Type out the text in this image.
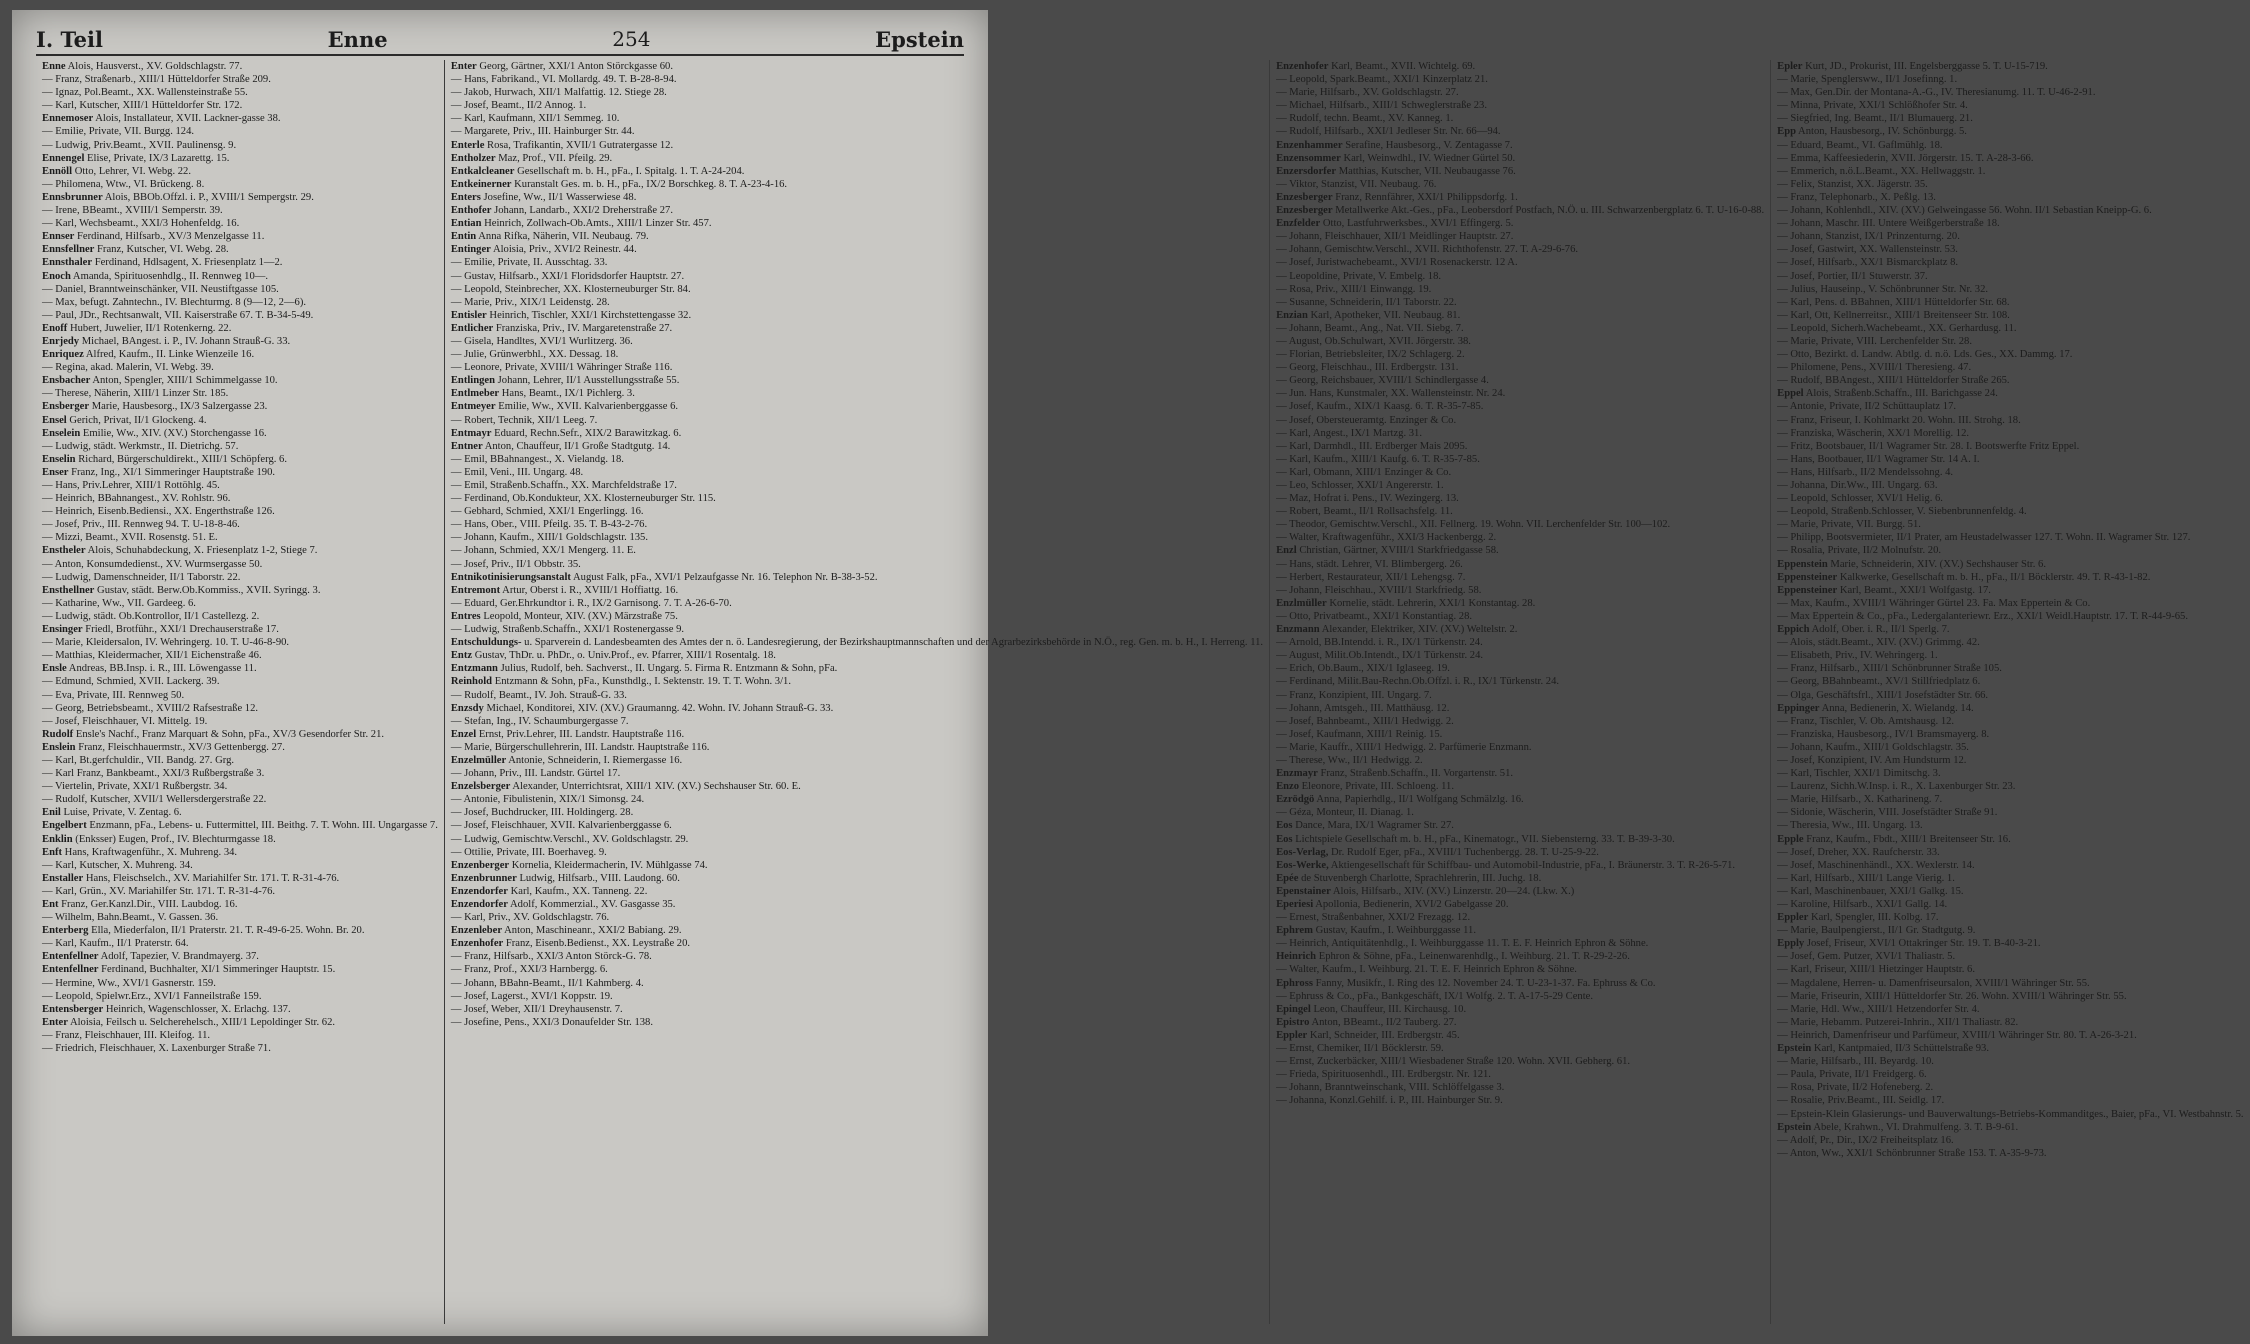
I. Teil	Enne	254	Epstein

Enne Alois, Hausverst., XV. Goldschlagstr. 77.

— Franz, Straßenarb., XIII/1 Hütteldorfer Straße 209.

— Ignaz, Pol.Beamt., XX. Wallensteinstraße 55.

— Karl, Kutscher, XIII/1 Hütteldorfer Str. 172.

Ennemoser Alois, Installateur, XVII. Lackner-gasse 38.

— Emilie, Private, VII. Burgg. 124.

— Ludwig, Priv.Beamt., XVII. Paulinensg. 9.

Ennengel Elise, Private, IX/3 Lazarettg. 15.

Ennöll Otto, Lehrer, VI. Webg. 22.

— Philomena, Wtw., VI. Brückeng. 8.

Ennsbrunner Alois, BBOb.Offzl. i. P., XVIII/1 Sempergstr. 29.

— Irene, BBeamt., XVIII/1 Semperstr. 39.

— Karl, Wechsbeamt., XXI/3 Hohenfeldg. 16.

Ennser Ferdinand, Hilfsarb., XV/3 Menzelgasse 11.

Ennsfellner Franz, Kutscher, VI. Webg. 28.

Ennsthaler Ferdinand, Hdlsagent, X. Friesenplatz 1—2.

Enoch Amanda, Spirituosenhdlg., II. Rennweg 10—.

— Daniel, Branntweinschänker, VII. Neustiftgasse 105.

— Max, befugt. Zahntechn., IV. Blechturmg. 8 (9—12, 2—6).

— Paul, JDr., Rechtsanwalt, VII. Kaiserstraße 67. T. B-34-5-49.

Enoff Hubert, Juwelier, II/1 Rotenkerng. 22.

Enrjedy Michael, BAngest. i. P., IV. Johann Strauß-G. 33.

Enriquez Alfred, Kaufm., II. Linke Wienzeile 16.

— Regina, akad. Malerin, VI. Webg. 39.

Ensbacher Anton, Spengler, XIII/1 Schimmelgasse 10.

— Therese, Näherin, XIII/1 Linzer Str. 185.

Ensberger Marie, Hausbesorg., IX/3 Salzergasse 23.

Ensel Gerich, Privat, II/1 Glockeng. 4.

Enselein Emilie, Ww., XIV. (XV.) Storchengasse 16.

— Ludwig, städt. Werkmstr., II. Dietrichg. 57.

Enselin Richard, Bürgerschuldirekt., XIII/1 Schöpferg. 6.

Enser Franz, Ing., XI/1 Simmeringer Hauptstraße 190.

— Hans, Priv.Lehrer, XIII/1 Rottöhlg. 45.

— Heinrich, BBahnangest., XV. Rohlstr. 96.

— Heinrich, Eisenb.Bediensi., XX. Engerthstraße 126.

— Josef, Priv., III. Rennweg 94. T. U-18-8-46.

— Mizzi, Beamt., XVII. Rosenstg. 51. E.

Enstheler Alois, Schuhabdeckung, X. Friesenplatz 1-2, Stiege 7.

— Anton, Konsumdedienst., XV. Wurmsergasse 50.

— Ludwig, Damenschneider, II/1 Taborstr. 22.

Ensthellner Gustav, städt. Berw.Ob.Kommiss., XVII. Syringg. 3.

— Katharine, Ww., VII. Gardeeg. 6.

— Ludwig, städt. Ob.Kontrollor, II/1 Castellezg. 2.

Ensinger Friedl, Brotführ., XXI/1 Drechauserstraße 17.

— Marie, Kleidersalon, IV. Wehringerg. 10. T. U-46-8-90.

— Matthias, Kleidermacher, XII/1 Eichenstraße 46.

Ensle Andreas, BB.Insp. i. R., III. Löwengasse 11.

— Edmund, Schmied, XVII. Lackerg. 39.

— Eva, Private, III. Rennweg 50.

— Georg, Betriebsbeamt., XVIII/2 Rafsestraße 12.

— Josef, Fleischhauer, VI. Mittelg. 19.

Rudolf Ensle's Nachf., Franz Marquart & Sohn, pFa., XV/3 Gesendorfer Str. 21.

Enslein Franz, Fleischhauermstr., XV/3 Gettenbergg. 27.

— Karl, Bt.gerfchuldir., VII. Bandg. 27. Grg.

— Karl Franz, Bankbeamt., XXI/3 Rußbergstraße 3.

— Viertelin, Private, XXI/1 Rußbergstr. 34.

— Rudolf, Kutscher, XVII/1 Wellersdergerstraße 22.

Enil Luise, Private, V. Zentag. 6.

Engelbert Enzmann, pFa., Lebens- u. Futtermittel, III. Beithg. 7. T. Wohn. III. Ungargasse 7.

Enklin (Enksser) Eugen, Prof., IV. Blechturmgasse 18.

Enft Hans, Kraftwagenführ., X. Muhreng. 34.

— Karl, Kutscher, X. Muhreng. 34.

Enstaller Hans, Fleischselch., XV. Mariahilfer Str. 171. T. R-31-4-76.

— Karl, Grün., XV. Mariahilfer Str. 171. T. R-31-4-76.

Ent Franz, Ger.Kanzl.Dir., VIII. Laubdog. 16.

— Wilhelm, Bahn.Beamt., V. Gassen. 36.

Enterberg Ella, Miederfalon, II/1 Praterstr. 21. T. R-49-6-25. Wohn. Br. 20.

— Karl, Kaufm., II/1 Praterstr. 64.

Entenfellner Adolf, Tapezier, V. Brandmayerg. 37.

Entenfellner Ferdinand, Buchhalter, XI/1 Simmeringer Hauptstr. 15.

— Hermine, Ww., XVI/1 Gasnerstr. 159.

— Leopold, Spielwr.Erz., XVI/1 Fanneilstraße 159.

Entensberger Heinrich, Wagenschlosser, X. Erlachg. 137.

Enter Aloisia, Feilsch u. Selcherehelsch., XIII/1 Lepoldinger Str. 62.

— Franz, Fleischhauer, III. Kleifog. 11.

— Friedrich, Fleischhauer, X. Laxenburger Straße 71.

Enter Georg, Gärtner, XXI/1 Anton Störckgasse 60.

— Hans, Fabrikand., VI. Mollardg. 49. T. B-28-8-94.

— Jakob, Hurwach, XII/1 Malfattig. 12. Stiege 28.

— Josef, Beamt., II/2 Annog. 1.

— Karl, Kaufmann, XII/1 Semmeg. 10.

— Margarete, Priv., III. Hainburger Str. 44.

Enterle Rosa, Trafikantin, XVII/1 Gutratergasse 12.

Entholzer Maz, Prof., VII. Pfeilg. 29.

Entkalcleaner Gesellschaft m. b. H., pFa., I. Spitalg. 1. T. A-24-204.

Entkeinerner Kuranstalt Ges. m. b. H., pFa., IX/2 Borschkeg. 8. T. A-23-4-16.

Enters Josefine, Ww., II/1 Wasserwiese 48.

Enthofer Johann, Landarb., XXI/2 Dreherstraße 27.

Entian Heinrich, Zollwach-Ob.Amts., XIII/1 Linzer Str. 457.

Entin Anna Rifka, Näherin, VII. Neubaug. 79.

Entinger Aloisia, Priv., XVI/2 Reinestr. 44.

— Emilie, Private, II. Ausschtag. 33.

— Gustav, Hilfsarb., XXI/1 Floridsdorfer Hauptstr. 27.

— Leopold, Steinbrecher, XX. Klosterneuburger Str. 84.

— Marie, Priv., XIX/1 Leidenstg. 28.

Entisler Heinrich, Tischler, XXI/1 Kirchstettengasse 32.

Entlicher Franziska, Priv., IV. Margaretenstraße 27.

— Gisela, Handltes, XVI/1 Wurlitzerg. 36.

— Julie, Grünwerbhl., XX. Dessag. 18.

— Leonore, Private, XVIII/1 Währinger Straße 116.

Entlingen Johann, Lehrer, II/1 Ausstellungsstraße 55.

Entlmeber Hans, Beamt., IX/1 Pichlerg. 3.

Entmeyer Emilie, Ww., XVII. Kalvarienberggasse 6.

— Robert, Technik, XII/1 Leeg. 7.

Entmayr Eduard, Rechn.Sefr., XIX/2 Barawitzkag. 6.

Entner Anton, Chauffeur, II/1 Große Stadtgutg. 14.

— Emil, BBahnangest., X. Vielandg. 18.

— Emil, Veni., III. Ungarg. 48.

— Emil, Straßenb.Schaffn., XX. Marchfeldstraße 17.

— Ferdinand, Ob.Kondukteur, XX. Klosterneuburger Str. 115.

— Gebhard, Schmied, XXI/1 Engerlingg. 16.

— Hans, Ober., VIII. Pfeilg. 35. T. B-43-2-76.

— Johann, Kaufm., XIII/1 Goldschlagstr. 135.

— Johann, Schmied, XX/1 Mengerg. 11. E.

— Josef, Priv., II/1 Obbstr. 35.

Entnikotinisierungsanstalt August Falk, pFa., XVI/1 Pelzaufgasse Nr. 16. Telephon Nr. B-38-3-52.

Entremont Artur, Oberst i. R., XVIII/1 Hoffiattg. 16.

— Eduard, Ger.Ehrkundtor i. R., IX/2 Garnisong. 7. T. A-26-6-70.

Entres Leopold, Monteur, XIV. (XV.) Märzstraße 75.

— Ludwig, Straßenb.Schaffn., XXI/1 Rostenergasse 9.

Entschuldungs- u. Sparverein d. Landesbeamten des Amtes der n. ö. Landesregierung, der Bezirkshauptmannschaften und der Agrarbezirksbehörde in N.Ö., reg. Gen. m. b. H., I. Herreng. 11.

Entz Gustav, ThDr. u. PhDr., o. Univ.Prof., ev. Pfarrer, XIII/1 Rosentalg. 18.

Entzmann Julius, Rudolf, beh. Sachverst., II. Ungarg. 5. Firma R. Entzmann & Sohn, pFa.

Reinhold Entzmann & Sohn, pFa., Kunsthdlg., I. Sektenstr. 19. T. T. Wohn. 3/1.

— Rudolf, Beamt., IV. Joh. Strauß-G. 33.

Enzsdy Michael, Konditorei, XIV. (XV.) Graumanng. 42. Wohn. IV. Johann Strauß-G. 33.

— Stefan, Ing., IV. Schaumburgergasse 7.

Enzel Ernst, Priv.Lehrer, III. Landstr. Hauptstraße 116.

— Marie, Bürgerschullehrerin, III. Landstr. Hauptstraße 116.

Enzelmüller Antonie, Schneiderin, I. Riemergasse 16.

— Johann, Priv., III. Landstr. Gürtel 17.

Enzelsberger Alexander, Unterrichtsrat, XIII/1 XIV. (XV.) Sechshauser Str. 60. E.

— Antonie, Fibulistenin, XIX/1 Simonsg. 24.

— Josef, Buchdrucker, III. Holdingerg. 28.

— Josef, Fleischhauer, XVII. Kalvarienberggasse 6.

— Ludwig, Gemischtw.Verschl., XV. Goldschlagstr. 29.

— Ottilie, Private, III. Boerhaveg. 9.

Enzenberger Kornelia, Kleidermacherin, IV. Mühlgasse 74.

Enzenbrunner Ludwig, Hilfsarb., VIII. Laudong. 60.

Enzendorfer Karl, Kaufm., XX. Tanneng. 22.

Enzendorfer Adolf, Kommerzial., XV. Gasgasse 35.

— Karl, Priv., XV. Goldschlagstr. 76.

Enzenleber Anton, Maschineanr., XXI/2 Babiang. 29.

Enzenhofer Franz, Eisenb.Bedienst., XX. Leystraße 20.

— Franz, Hilfsarb., XXI/3 Anton Störck-G. 78.

— Franz, Prof., XXI/3 Harnbergg. 6.

— Johann, BBahn-Beamt., II/1 Kahmberg. 4.

— Josef, Lagerst., XVI/1 Koppstr. 19.

— Josef, Weber, XII/1 Dreyhausenstr. 7.

— Josefine, Pens., XXI/3 Donaufelder Str. 138.

Enzenhofer Karl, Beamt., XVII. Wichtelg. 69.

— Leopold, Spark.Beamt., XXI/1 Kinzerplatz 21.

— Marie, Hilfsarb., XV. Goldschlagstr. 27.

— Michael, Hilfsarb., XIII/1 Schweglerstraße 23.

— Rudolf, techn. Beamt., XV. Kanneg. 1.

— Rudolf, Hilfsarb., XXI/1 Jedleser Str. Nr. 66—94.

Enzenhammer Serafine, Hausbesorg., V. Zentagasse 7.

Enzensommer Karl, Weinwdhl., IV. Wiedner Gürtel 50.

Enzersdorfer Matthias, Kutscher, VII. Neubaugasse 76.

— Viktor, Stanzist, VII. Neubaug. 76.

Enzesberger Franz, Rennfährer, XXI/1 Philippsdorfg. 1.

Enzesberger Metallwerke Akt.-Ges., pFa., Leobersdorf Postfach, N.Ö. u. III. Schwarzenbergplatz 6. T. U-16-0-88.

Enzfelder Otto, Lastfuhrwerksbes., XVI/1 Effingerg. 5.

— Johann, Fleischhauer, XII/1 Meidlinger Hauptstr. 27.

— Johann, Gemischtw.Verschl., XVII. Richthofenstr. 27. T. A-29-6-76.

— Josef, Juristwachebeamt., XVI/1 Rosenackerstr. 12 A.

— Leopoldine, Private, V. Embelg. 18.

— Rosa, Priv., XIII/1 Einwangg. 19.

— Susanne, Schneiderin, II/1 Taborstr. 22.

Enzian Karl, Apotheker, VII. Neubaug. 81.

— Johann, Beamt., Ang., Nat. VII. Siebg. 7.

— August, Ob.Schulwart, XVII. Jörgerstr. 38.

— Florian, Betriebsleiter, IX/2 Schlagerg. 2.

— Georg, Fleischhau., III. Erdbergstr. 131.

— Georg, Reichsbauer, XVIII/1 Schindlergasse 4.

— Jun. Hans, Kunstmaler, XX. Wallensteinstr. Nr. 24.

— Josef, Kaufm., XIX/1 Kaasg. 6. T. R-35-7-85.

— Josef, Obersteueramtg. Enzinger & Co.

— Karl, Angest., IX/1 Martzg. 31.

— Karl, Darmhdl., III. Erdberger Mais 2095.

— Karl, Kaufm., XIII/1 Kaufg. 6. T. R-35-7-85.

— Karl, Obmann, XIII/1 Enzinger & Co.

— Leo, Schlosser, XXI/1 Angererstr. 1.

— Maz, Hofrat i. Pens., IV. Wezingerg. 13.

— Robert, Beamt., II/1 Rollsachsfelg. 11.

— Theodor, Gemischtw.Verschl., XII. Fellnerg. 19. Wohn. VII. Lerchenfelder Str. 100—102.

— Walter, Kraftwagenführ., XXI/3 Hackenbergg. 2.

Enzl Christian, Gärtner, XVIII/1 Starkfriedgasse 58.

— Hans, städt. Lehrer, VI. Blimbergerg. 26.

— Herbert, Restaurateur, XII/1 Lehengsg. 7.

— Johann, Fleischhau., XVIII/1 Starkfriedg. 58.

Enzlmüller Kornelie, städt. Lehrerin, XXI/1 Konstantag. 28.

— Otto, Privatbeamt., XXI/1 Konstantiag. 28.

Enzmann Alexander, Elektriker, XIV. (XV.) Weltelstr. 2.

— Arnold, BB.Intendd. i. R., IX/1 Türkenstr. 24.

— August, Milit.Ob.Intendt., IX/1 Türkenstr. 24.

— Erich, Ob.Baum., XIX/1 Iglaseeg. 19.

— Ferdinand, Milit.Bau-Rechn.Ob.Offzl. i. R., IX/1 Türkenstr. 24.

— Franz, Konzipient, III. Ungarg. 7.

— Johann, Amtsgeh., III. Matthäusg. 12.

— Josef, Bahnbeamt., XIII/1 Hedwigg. 2.

— Josef, Kaufmann, XIII/1 Reinig. 15.

— Marie, Kauffr., XIII/1 Hedwigg. 2. Parfümerie Enzmann.

— Therese, Ww., II/1 Hedwigg. 2.

Enzmayr Franz, Straßenb.Schaffn., II. Vorgartenstr. 51.

Enzo Eleonore, Private, III. Schloeng. 11.

Ezrödgö Anna, Papierhdlg., II/1 Wolfgang Schmälzlg. 16.

— Géza, Monteur, II. Dianag. 1.

Eos Dance, Mara, IX/1 Wagramer Str. 27.

Eos Lichtspiele Gesellschaft m. b. H., pFa., Kinematogr., VII. Siebensterng. 33. T. B-39-3-30.

Eos-Verlag, Dr. Rudolf Eger, pFa., XVIII/1 Tuchenbergg. 28. T. U-25-9-22.

Eos-Werke, Aktiengesellschaft für Schiffbau- und Automobil-Industrie, pFa., I. Bräunerstr. 3. T. R-26-5-71.

Epée de Stuvenbergh Charlotte, Sprachlehrerin, III. Juchg. 18.

Epenstainer Alois, Hilfsarb., XIV. (XV.) Linzerstr. 20—24. (Lkw. X.)

Eperiesi Apollonia, Bedienerin, XVI/2 Gabelgasse 20.

— Ernest, Straßenbahner, XXI/2 Frezagg. 12.

Ephrem Gustav, Kaufm., I. Weihburggasse 11.

— Heinrich, Antiquitätenhdlg., I. Weihburggasse 11. T. E. F. Heinrich Ephron & Söhne.

Heinrich Ephron & Söhne, pFa., Leinenwarenhdlg., I. Weihburg. 21. T. R-29-2-26.

— Walter, Kaufm., I. Weihburg. 21. T. E. F. Heinrich Ephron & Söhne.

Ephross Fanny, Musikfr., I. Ring des 12. November 24. T. U-23-1-37. Fa. Ephruss & Co.

— Ephruss & Co., pFa., Bankgeschäft, IX/1 Wolfg. 2. T. A-17-5-29 Cente.

Epingel Leon, Chauffeur, III. Kirchausg. 10.

Epistro Anton, BBeamt., II/2 Tauberg. 27.

Eppler Karl, Schneider, III. Erdbergstr. 45.

— Ernst, Chemiker, II/1 Böcklerstr. 59.

— Ernst, Zuckerbäcker, XIII/1 Wiesbadener Straße 120. Wohn. XVII. Gebherg. 61.

— Frieda, Spirituosenhdl., III. Erdbergstr. Nr. 121.

— Johann, Branntweinschank, VIII. Schlöffelgasse 3.

— Johanna, Konzl.Gehilf. i. P., III. Hainburger Str. 9.

Epler Kurt, JD., Prokurist, III. Engelsberggasse 5. T. U-15-719.

— Marie, Spenglersww., II/1 Josefinng. 1.

— Max, Gen.Dir. der Montana-A.-G., IV. Theresianumg. 11. T. U-46-2-91.

— Minna, Private, XXI/1 Schlößhofer Str. 4.

— Siegfried, Ing. Beamt., II/1 Blumauerg. 21.

Epp Anton, Hausbesorg., IV. Schönburgg. 5.

— Eduard, Beamt., VI. Gaflmühlg. 18.

— Emma, Kaffeesiederin, XVII. Jörgerstr. 15. T. A-28-3-66.

— Emmerich, n.ö.L.Beamt., XX. Hellwaggstr. 1.

— Felix, Stanzist, XX. Jägerstr. 35.

— Franz, Telephonarb., X. Peßlg. 13.

— Johann, Kohlenhdl., XIV. (XV.) Gelweingasse 56. Wohn. II/1 Sebastian Kneipp-G. 6.

— Johann, Maschr. III. Untere Weißgerberstraße 18.

— Johann, Stanzist, IX/1 Prinzenturng. 20.

— Josef, Gastwirt, XX. Wallensteinstr. 53.

— Josef, Hilfsarb., XX/1 Bismarckplatz 8.

— Josef, Portier, II/1 Stuwerstr. 37.

— Julius, Hauseinp., V. Schönbrunner Str. Nr. 32.

— Karl, Pens. d. BBahnen, XIII/1 Hütteldorfer Str. 68.

— Karl, Ott, Kellnerreitsr., XIII/1 Breitenseer Str. 108.

— Leopold, Sicherh.Wachebeamt., XX. Gerhardusg. 11.

— Marie, Private, VIII. Lerchenfelder Str. 28.

— Otto, Bezirkt. d. Landw. Abtlg. d. n.ö. Lds. Ges., XX. Dammg. 17.

— Philomene, Pens., XVIII/1 Theresieng. 47.

— Rudolf, BBAngest., XIII/1 Hütteldorfer Straße 265.

Eppel Alois, Straßenb.Schaffn., III. Barichgasse 24.

— Antonie, Private, II/2 Schüttauplatz 17.

— Franz, Friseur, I. Kohlmarkt 20. Wohn. III. Strohg. 18.

— Franziska, Wäscherin, XX/1 Morellig. 12.

— Fritz, Bootsbauer, II/1 Wagramer Str. 28. I. Bootswerfte Fritz Eppel.

— Hans, Bootbauer, II/1 Wagramer Str. 14 A. I.

— Hans, Hilfsarb., II/2 Mendelssohng. 4.

— Johanna, Dir.Ww., III. Ungarg. 63.

— Leopold, Schlosser, XVI/1 Helig. 6.

— Leopold, Straßenb.Schlosser, V. Siebenbrunnenfeldg. 4.

— Marie, Private, VII. Burgg. 51.

— Philipp, Bootsvermieter, II/1 Prater, am Heustadelwasser 127. T. Wohn. II. Wagramer Str. 127.

— Rosalia, Private, II/2 Molnufstr. 20.

Eppenstein Marie, Schneiderin, XIV. (XV.) Sechshauser Str. 6.

Eppensteiner Kalkwerke, Gesellschaft m. b. H., pFa., II/1 Böcklerstr. 49. T. R-43-1-82.

Eppensteiner Karl, Beamt., XXI/1 Wolfgastg. 17.

— Max, Kaufm., XVIII/1 Währinger Gürtel 23. Fa. Max Eppertein & Co.

— Max Eppertein & Co., pFa., Ledergalanteriewr. Erz., XXI/1 Weidl.Hauptstr. 17. T. R-44-9-65.

Eppich Adolf, Ober. i. R., II/1 Sperlg. 7.

— Alois, städt.Beamt., XIV. (XV.) Grimmg. 42.

— Elisabeth, Priv., IV. Wehringerg. 1.

— Franz, Hilfsarb., XIII/1 Schönbrunner Straße 105.

— Georg, BBahnbeamt., XV/1 Stillfriedplatz 6.

— Olga, Geschäftsfrl., XIII/1 Josefstädter Str. 66.

Eppinger Anna, Bedienerin, X. Wielandg. 14.

— Franz, Tischler, V. Ob. Amtshausg. 12.

— Franziska, Hausbesorg., IV/1 Bramsmayerg. 8.

— Johann, Kaufm., XIII/1 Goldschlagstr. 35.

— Josef, Konzipient, IV. Am Hundsturm 12.

— Karl, Tischler, XXI/1 Dimitschg. 3.

— Laurenz, Sichh.W.Insp. i. R., X. Laxenburger Str. 23.

— Marie, Hilfsarb., X. Katharineng. 7.

— Sidonie, Wäscherin, VIII. Josefstädter Straße 91.

— Theresia, Ww., III. Ungarg. 13.

Epple Franz, Kaufm., Fbdt., XIII/1 Breitenseer Str. 16.

— Josef, Dreher, XX. Raufcherstr. 33.

— Josef, Maschinenhändl., XX. Wexlerstr. 14.

— Karl, Hilfsarb., XIII/1 Lange Vierig. 1.

— Karl, Maschinenbauer, XXI/1 Galkg. 15.

— Karoline, Hilfsarb., XXI/1 Gallg. 14.

Eppler Karl, Spengler, III. Kolbg. 17.

— Marie, Baulpengierst., II/1 Gr. Stadtgutg. 9.

Epply Josef, Friseur, XVI/1 Ottakringer Str. 19. T. B-40-3-21.

— Josef, Gem. Putzer, XVI/1 Thaliastr. 5.

— Karl, Friseur, XIII/1 Hietzinger Hauptstr. 6.

— Magdalene, Herren- u. Damenfriseursalon, XVIII/1 Währinger Str. 55.

— Marie, Friseurin, XIII/1 Hütteldorfer Str. 26. Wohn. XVIII/1 Währinger Str. 55.

— Marie, Hdl. Ww., XIII/1 Hetzendorfer Str. 4.

— Marie, Hebamm. Putzerei-Inhrin., XII/1 Thaliastr. 82.

— Heinrich, Damenfriseur und Parfümeur, XVIII/1 Währinger Str. 80. T. A-26-3-21.

Epstein Karl, Kantpmaied, II/3 Schüttelstraße 93.

— Marie, Hilfsarb., III. Beyardg. 10.

— Paula, Private, II/1 Freidgerg. 6.

— Rosa, Private, II/2 Hofeneberg. 2.

— Rosalie, Priv.Beamt., III. Seidlg. 17.

— Epstein-Klein Glasierungs- und Bauverwaltungs-Betriebs-Kommanditges., Baier, pFa., VI. Westbahnstr. 5.

Epstein Abele, Krahwn., VI. Drahmulfeng. 3. T. B-9-61.

— Adolf, Pr., Dir., IX/2 Freiheitsplatz 16.

— Anton, Ww., XXI/1 Schönbrunner Straße 153. T. A-35-9-73.
